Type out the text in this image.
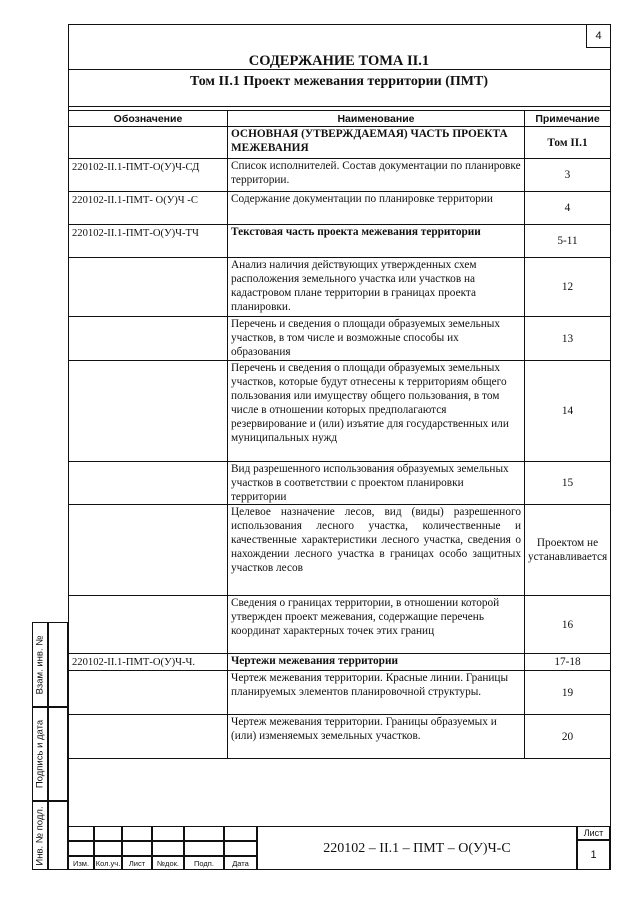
4
СОДЕРЖАНИЕ ТОМА II.1
Том II.1 Проект межевания территории (ПМТ)
Обозначение	Наименование	Примечание
	ОСНОВНАЯ (УТВЕРЖДАЕМАЯ) ЧАСТЬ ПРОЕКТА МЕЖЕВАНИЯ	Том II.1
220102-II.1-ПМТ-О(У)Ч-СД	Список исполнителей. Состав документации по планировке территории.	3
220102-II.1-ПМТ- О(У)Ч -С	Содержание документации по планировке территории	4
220102-II.1-ПМТ-О(У)Ч-ТЧ	Текстовая часть проекта межевания территории	5-11
	Анализ наличия действующих утвержденных схем расположения земельного участка или участков на кадастровом плане территории в границах проекта планировки.	12
	Перечень и сведения о площади образуемых земельных участков, в том числе и возможные способы их образования	13
	Перечень и сведения о площади образуемых земельных участков, которые будут отнесены к территориям общего пользования или имуществу общего пользования, в том числе в отношении которых предполагаются резервирование и (или) изъятие для государственных или муниципальных нужд	14
	Вид разрешенного использования образуемых земельных участков в соответствии с проектом планировки территории	15
	Целевое назначение лесов, вид (виды) разрешенного использования лесного участка, количественные и качественные характеристики лесного участка, сведения о нахождении лесного участка в границах особо защитных участков лесов	Проектом не устанавливается
	Сведения о границах территории, в отношении которой утвержден проект межевания, содержащие перечень координат характерных точек этих границ	16
220102-II.1-ПМТ-О(У)Ч-Ч.	Чертежи межевания территории	17-18
	Чертеж межевания территории. Красные линии. Границы планируемых элементов планировочной структуры.	19
	Чертеж межевания территории. Границы образуемых и (или) изменяемых земельных участков.	20
Взам. инв. №
Подпись и дата
Инв. № подл.	Изм. Кол.уч.	Лист	№док.	Подп.	Дата
220102 – II.1 – ПМТ – О(У)Ч-С
Лист
1
